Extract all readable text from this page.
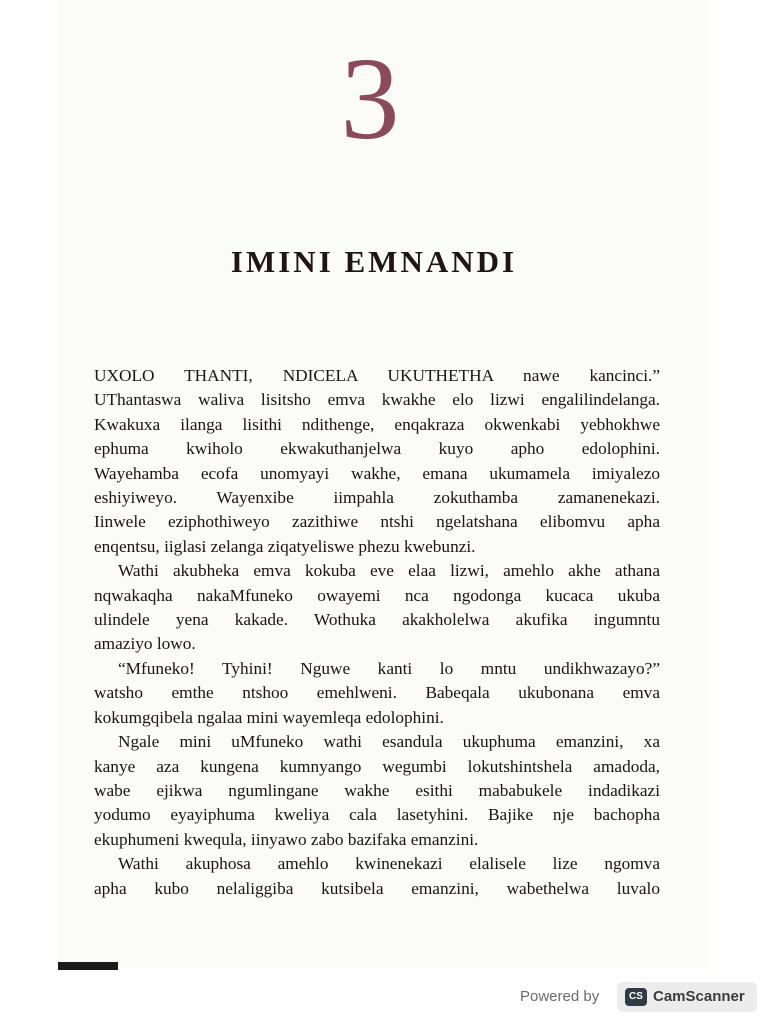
3
IMINI EMNANDI
UXOLO THANTI, NDICELA UKUTHETHA nawe kancinci.”
UThantaswa waliva lisitsho emva kwakhe elo lizwi engalilindelanga.
Kwakuxa ilanga lisithi ndithenge, enqakraza okwenkabi yebhokhwe
ephuma kwiholo ekwakuthanjelwa kuyo apho edolophini.
Wayehamba ecofa unomyayi wakhe, emana ukumamela imiyalezo
eshiyiweyo. Wayenxibe iimpahla zokuthamba zamanenekazi.
Iinwele eziphothiweyo zazithiwe ntshi ngelatshana elibomvu apha
enqentsu, iiglasi zelanga ziqatyeliswe phezu kwebunzi.
Wathi akubheka emva kokuba eve elaa lizwi, amehlo akhe athana
nqwakaqha nakaMfuneko owayemi nca ngodonga kucaca ukuba
ulindele yena kakade. Wothuka akakholelwa akufika ingumntu
amaziyo lowo.
“Mfuneko! Tyhini! Nguwe kanti lo mntu undikhwazayo?”
watsho emthe ntshoo emehlweni. Babeqala ukubonana emva
kokumgqibela ngalaa mini wayemleqa edolophini.
Ngale mini uMfuneko wathi esandula ukuphuma emanzini, xa
kanye aza kungena kumnyango wegumbi lokutshintshela amadoda,
wabe ejikwa ngumlingane wakhe esithi mababukele indadikazi
yodumo eyayiphuma kweliya cala lasetyhini. Bajike nje bachopha
ekuphumeni kwequla, iinyawo zabo bazifaka emanzini.
Wathi akuphosa amehlo kwinenekazi elalisele lize ngomva
apha kubo nelaliggiba kutsibela emanzini, wabethelwa luvalo
Powered by	CS CamScanner
